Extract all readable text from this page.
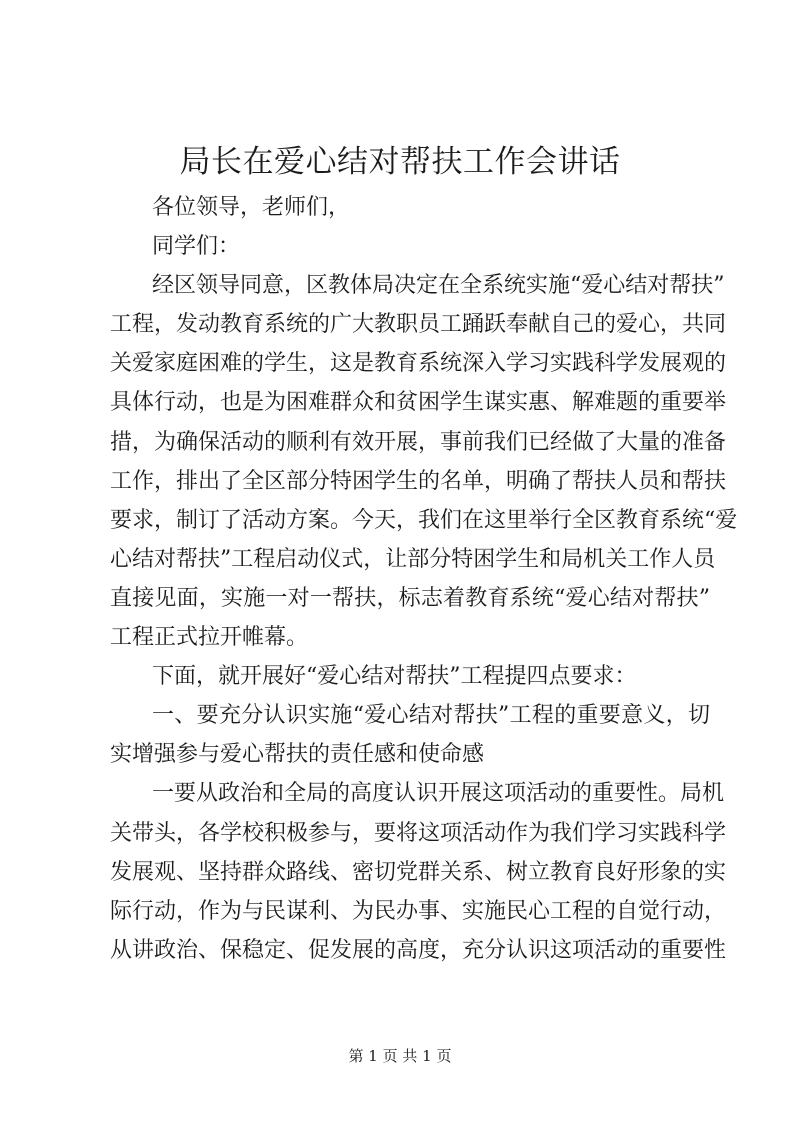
局长在爱心结对帮扶工作会讲话
各位领导，老师们，
同学们：
经区领导同意，区教体局决定在全系统实施“爱心结对帮扶”
工程，发动教育系统的广大教职员工踊跃奉献自己的爱心，共同
关爱家庭困难的学生，这是教育系统深入学习实践科学发展观的
具体行动，也是为困难群众和贫困学生谋实惠、解难题的重要举
措，为确保活动的顺利有效开展，事前我们已经做了大量的准备
工作，排出了全区部分特困学生的名单，明确了帮扶人员和帮扶
要求，制订了活动方案。今天，我们在这里举行全区教育系统“爱
心结对帮扶”工程启动仪式，让部分特困学生和局机关工作人员
直接见面，实施一对一帮扶，标志着教育系统“爱心结对帮扶”
工程正式拉开帷幕。
下面，就开展好“爱心结对帮扶”工程提四点要求：
一、要充分认识实施“爱心结对帮扶”工程的重要意义，切
实增强参与爱心帮扶的责任感和使命感
一要从政治和全局的高度认识开展这项活动的重要性。局机
关带头，各学校积极参与，要将这项活动作为我们学习实践科学
发展观、坚持群众路线、密切党群关系、树立教育良好形象的实
际行动，作为与民谋利、为民办事、实施民心工程的自觉行动，
从讲政治、保稳定、促发展的高度，充分认识这项活动的重要性
第 1 页 共 1 页
